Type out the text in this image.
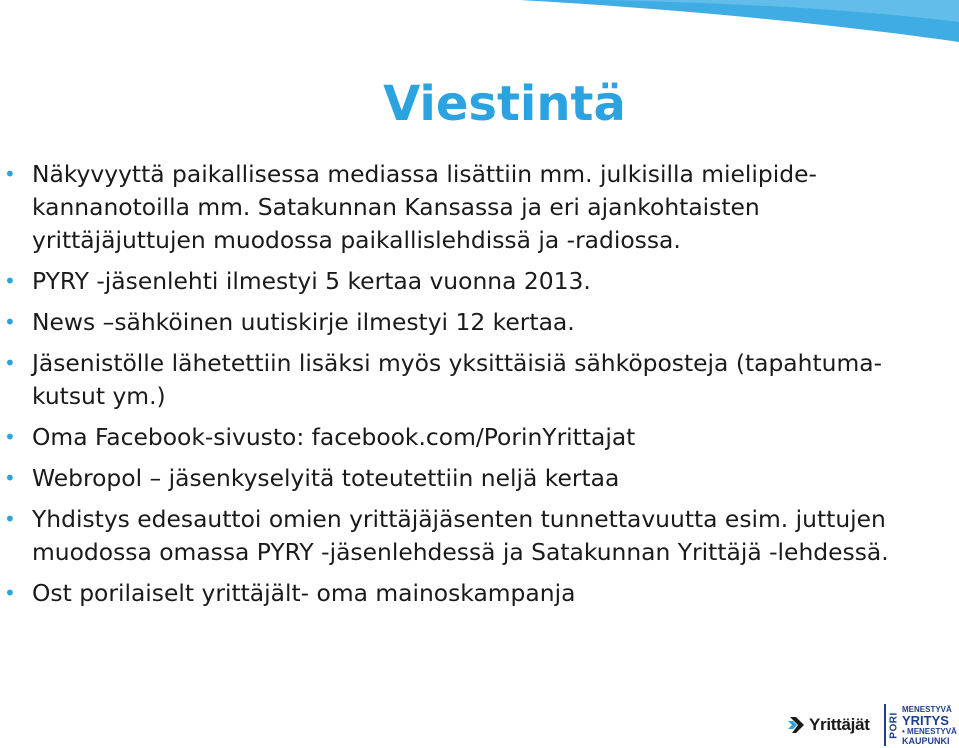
Viestintä
• Näkyvyyttä paikallisessa mediassa lisättiin mm. julkisilla mielipide-kannanotoilla mm. Satakunnan Kansassa ja eri ajankohtaisten yrittäjäjuttujen muodossa paikallislehdissä ja -radiossa.
• PYRY -jäsenlehti ilmestyi 5 kertaa vuonna 2013.
• News –sähköinen uutiskirje ilmestyi 12 kertaa.
• Jäsenistölle lähetettiin lisäksi myös yksittäisiä sähköposteja (tapahtuma-kutsut ym.)
• Oma Facebook-sivusto: facebook.com/PorinYrittajat
• Webropol – jäsenkyselyitä toteutettiin neljä kertaa
• Yhdistys edesauttoi omien yrittäjäjäsenten tunnettavuutta esim. juttujen muodossa omassa PYRY -jäsenlehdessä ja Satakunnan Yrittäjä -lehdessä.
• Ost porilaiselt yrittäjält- oma mainoskampanja
Yrittäjät PORI
MENESTYVÄ
YRITYS
• MENESTYVÄ
KAUPUNKI
